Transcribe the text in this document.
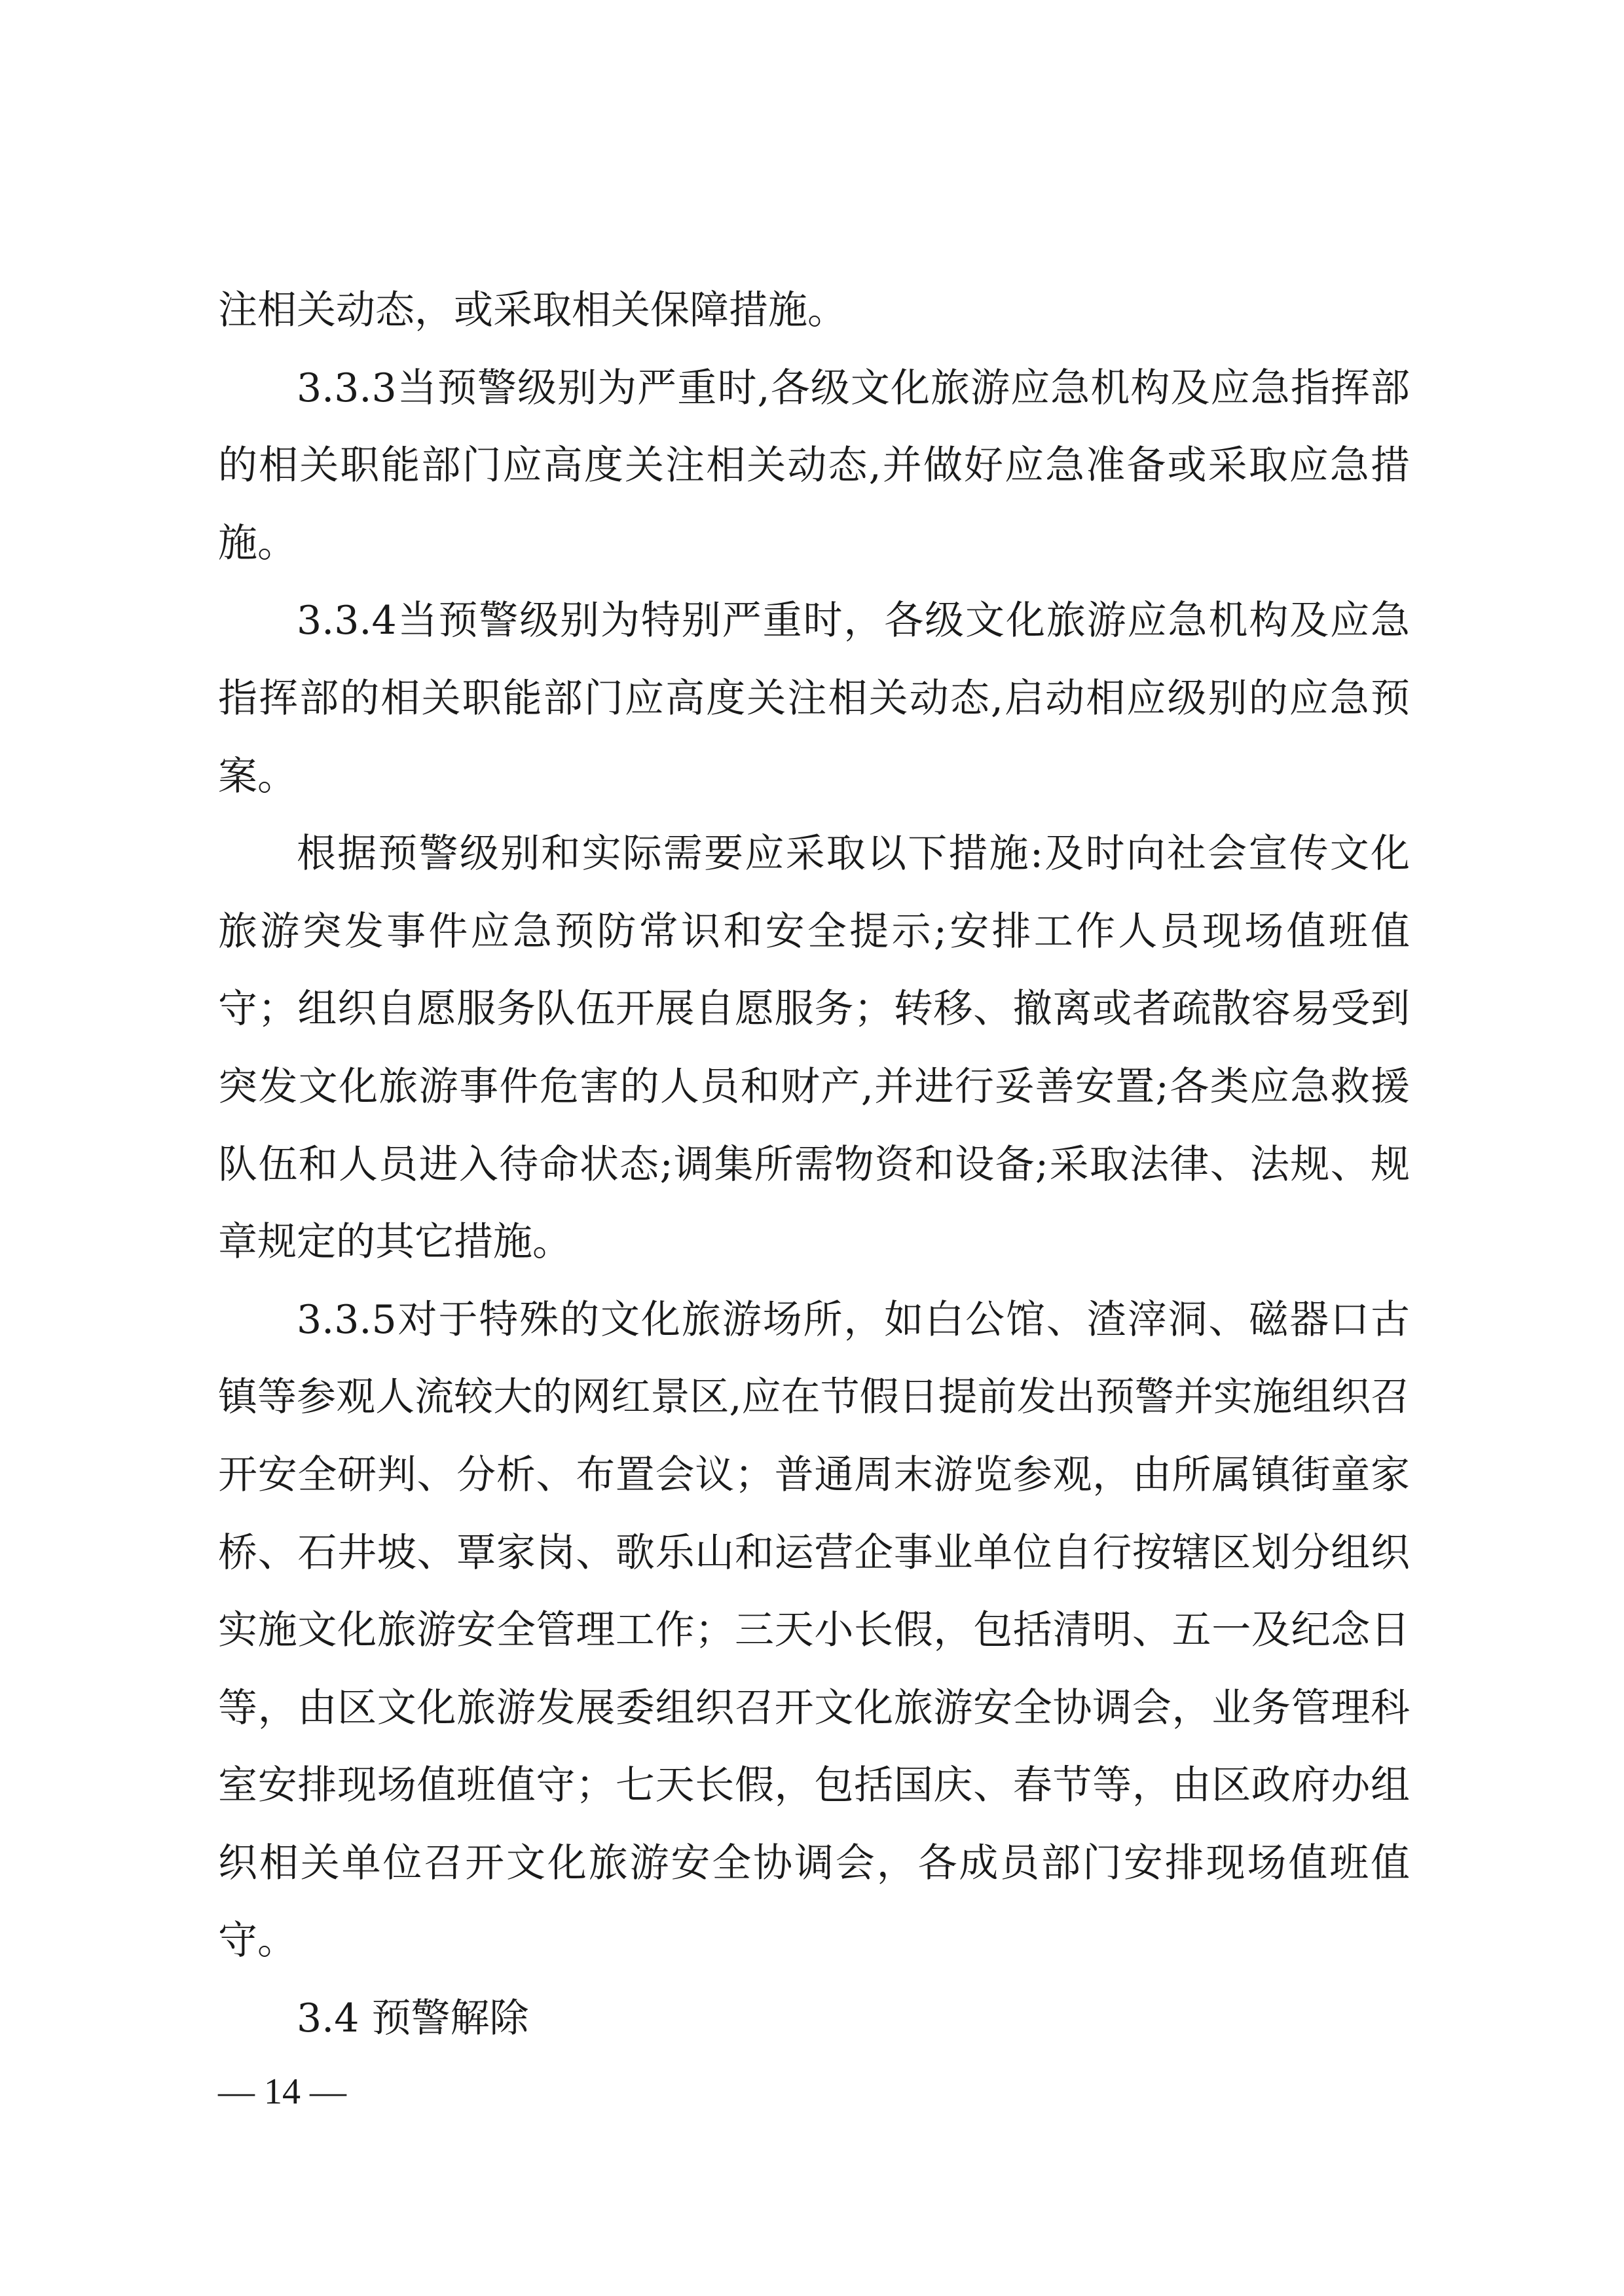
注相关动态，或采取相关保障措施。

3.3.3当预警级别为严重时,各级文化旅游应急机构及应急指挥部的相关职能部门应高度关注相关动态,并做好应急准备或采取应急措施。

3.3.4当预警级别为特别严重时，各级文化旅游应急机构及应急指挥部的相关职能部门应高度关注相关动态,启动相应级别的应急预案。

根据预警级别和实际需要应采取以下措施:及时向社会宣传文化旅游突发事件应急预防常识和安全提示;安排工作人员现场值班值守；组织自愿服务队伍开展自愿服务；转移、撤离或者疏散容易受到突发文化旅游事件危害的人员和财产,并进行妥善安置;各类应急救援队伍和人员进入待命状态;调集所需物资和设备;采取法律、法规、规章规定的其它措施。

3.3.5对于特殊的文化旅游场所，如白公馆、渣滓洞、磁器口古镇等参观人流较大的网红景区,应在节假日提前发出预警并实施组织召开安全研判、分析、布置会议；普通周末游览参观，由所属镇街童家桥、石井坡、覃家岗、歌乐山和运营企事业单位自行按辖区划分组织实施文化旅游安全管理工作；三天小长假，包括清明、五一及纪念日等，由区文化旅游发展委组织召开文化旅游安全协调会，业务管理科室安排现场值班值守；七天长假，包括国庆、春节等，由区政府办组织相关单位召开文化旅游安全协调会，各成员部门安排现场值班值守。

3.4 预警解除

— 14 —
